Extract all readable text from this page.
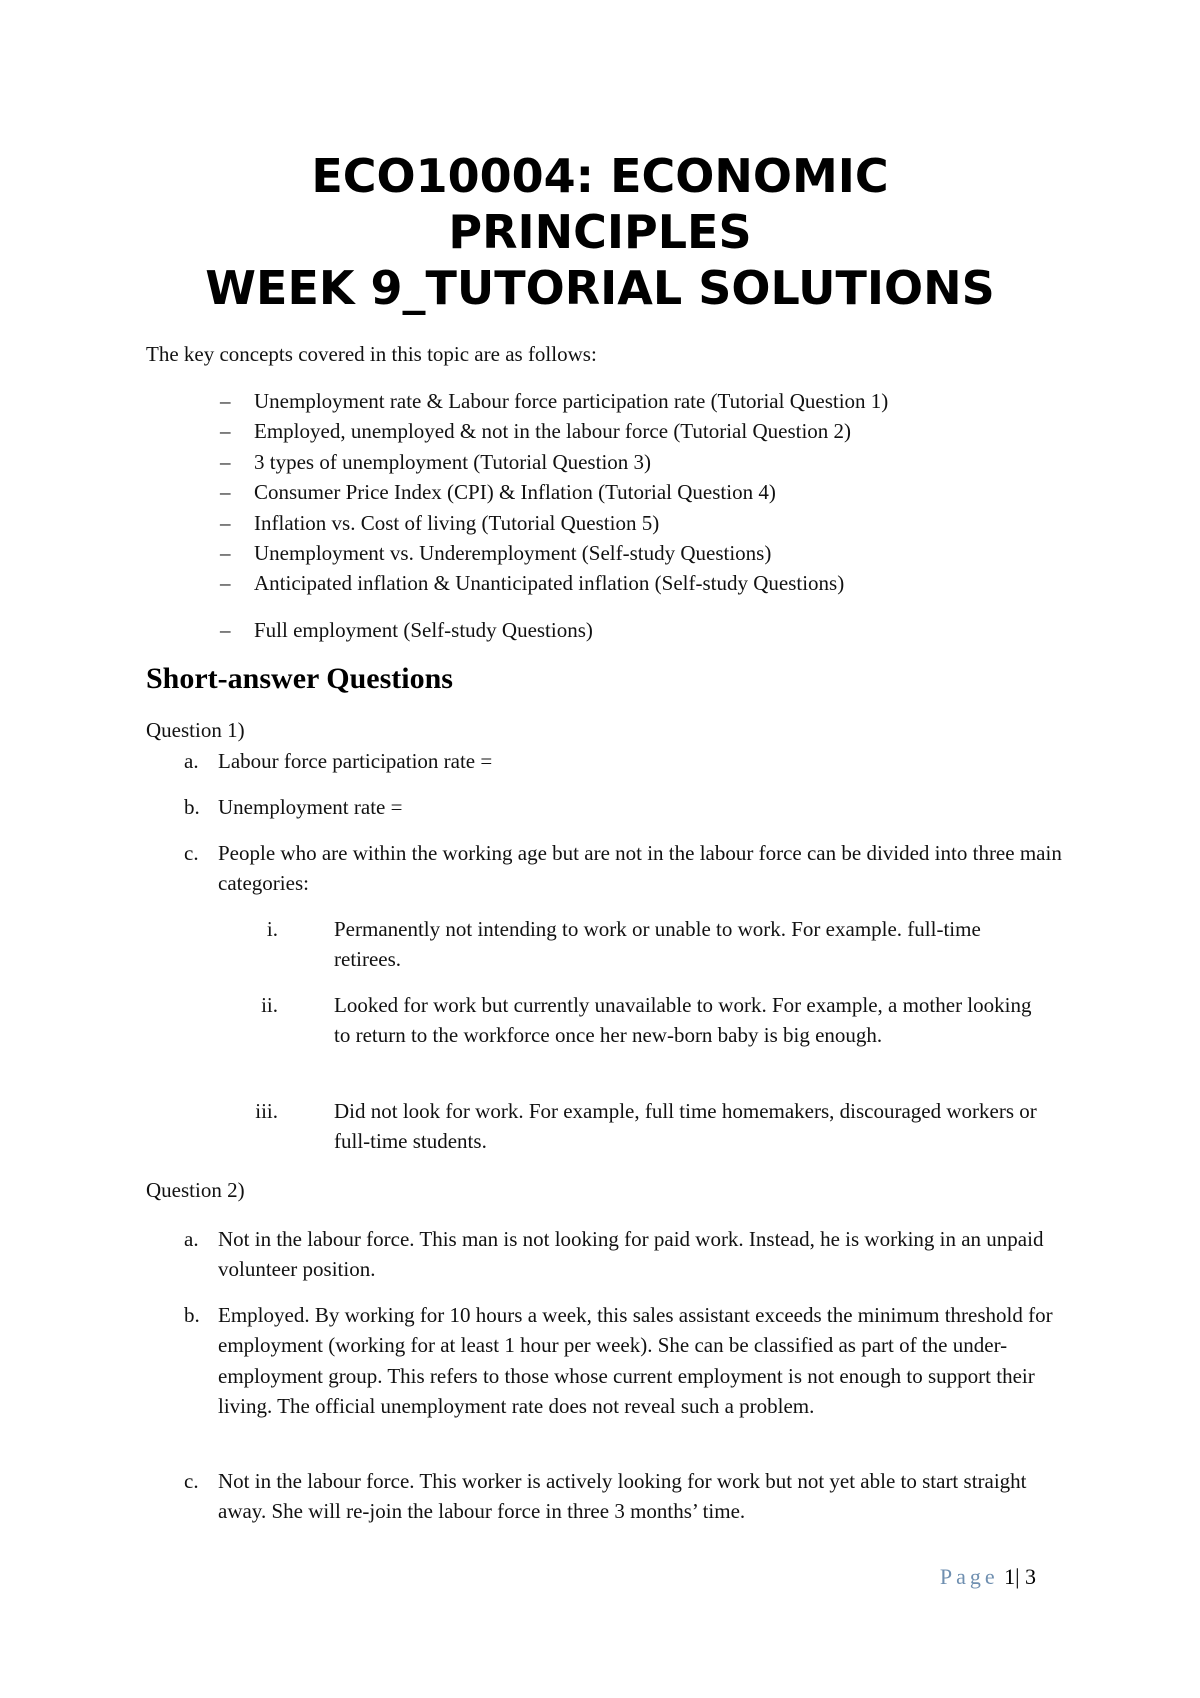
ECO10004: ECONOMIC
PRINCIPLES
WEEK 9_TUTORIAL SOLUTIONS
The key concepts covered in this topic are as follows:
– Unemployment rate & Labour force participation rate (Tutorial Question 1)
– Employed, unemployed & not in the labour force (Tutorial Question 2)
– 3 types of unemployment (Tutorial Question 3)
– Consumer Price Index (CPI) & Inflation (Tutorial Question 4)
– Inflation vs. Cost of living (Tutorial Question 5)
– Unemployment vs. Underemployment (Self-study Questions)
– Anticipated inflation & Unanticipated inflation (Self-study Questions)
– Full employment (Self-study Questions)
Short-answer Questions
Question 1)
a. Labour force participation rate =
b. Unemployment rate =
c. People who are within the working age but are not in the labour force can be divided into three main categories:
i.	Permanently not intending to work or unable to work. For example. full-time retirees.
ii.	Looked for work but currently unavailable to work. For example, a mother looking to return to the workforce once her new-born baby is big enough.
iii.	Did not look for work. For example, full time homemakers, discouraged workers or full-time students.
Question 2)
a. Not in the labour force. This man is not looking for paid work. Instead, he is working in an unpaid volunteer position.
b. Employed. By working for 10 hours a week, this sales assistant exceeds the minimum threshold for employment (working for at least 1 hour per week). She can be classified as part of the under-employment group. This refers to those whose current employment is not enough to support their living. The official unemployment rate does not reveal such a problem.
c. Not in the labour force. This worker is actively looking for work but not yet able to start straight away. She will re-join the labour force in three 3 months’ time.
Page 1| 3
